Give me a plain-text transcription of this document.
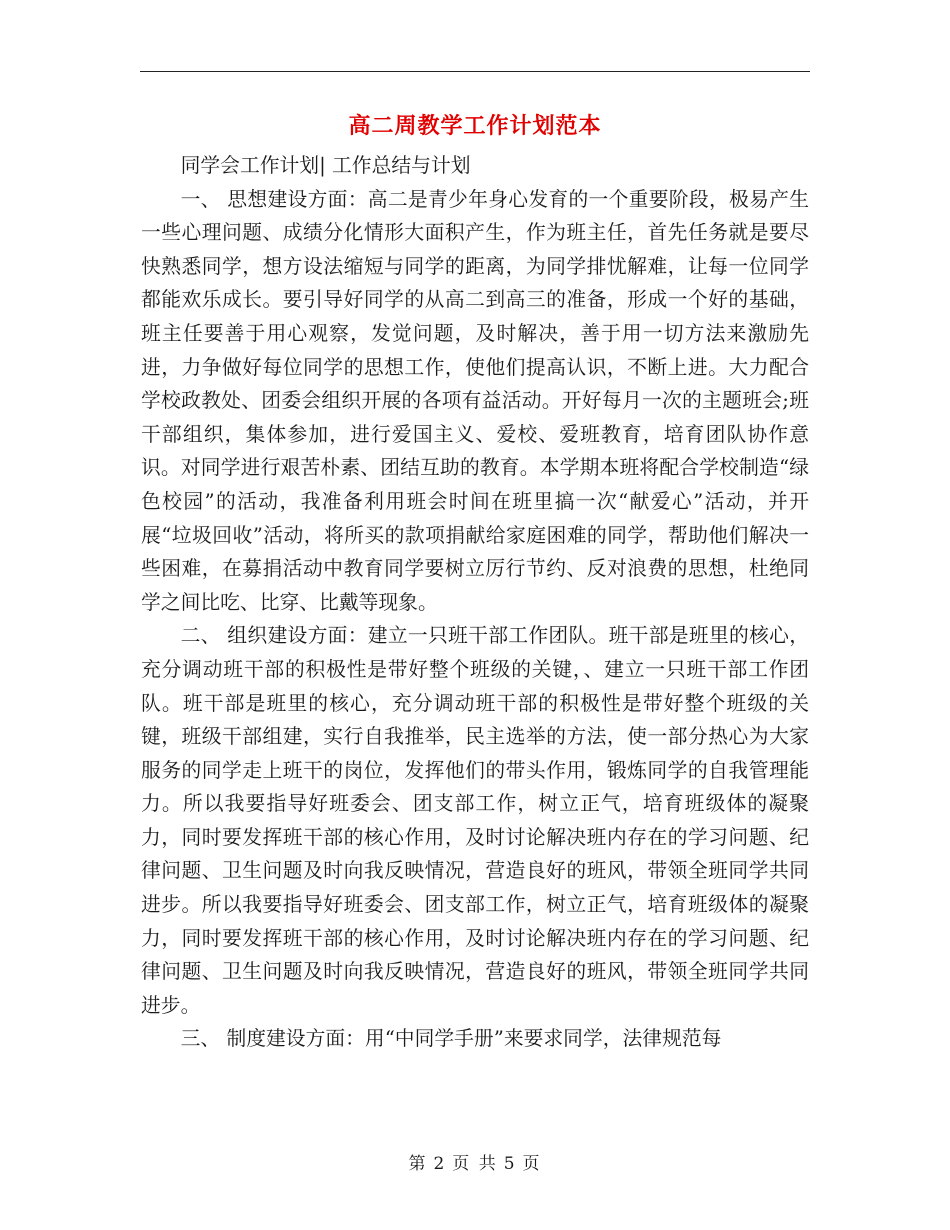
高二周教学工作计划范本

同学会工作计划| 工作总结与计划

一、 思想建设方面：高二是青少年身心发育的一个重要阶段，极易产生一些心理问题、成绩分化情形大面积产生，作为班主任，首先任务就是要尽快熟悉同学，想方设法缩短与同学的距离，为同学排忧解难，让每一位同学都能欢乐成长。要引导好同学的从高二到高三的准备，形成一个好的基础，班主任要善于用心观察，发觉问题，及时解决，善于用一切方法来激励先进，力争做好每位同学的思想工作，使他们提高认识，不断上进。大力配合学校政教处、团委会组织开展的各项有益活动。开好每月一次的主题班会;班干部组织，集体参加，进行爱国主义、爱校、爱班教育，培育团队协作意识。对同学进行艰苦朴素、团结互助的教育。本学期本班将配合学校制造“绿色校园”的活动，我准备利用班会时间在班里搞一次“献爱心”活动，并开展“垃圾回收”活动，将所买的款项捐献给家庭困难的同学，帮助他们解决一些困难，在募捐活动中教育同学要树立厉行节约、反对浪费的思想，杜绝同学之间比吃、比穿、比戴等现象。

二、 组织建设方面：建立一只班干部工作团队。班干部是班里的核心，充分调动班干部的积极性是带好整个班级的关键，、建立一只班干部工作团队。班干部是班里的核心，充分调动班干部的积极性是带好整个班级的关键，班级干部组建，实行自我推举，民主选举的方法，使一部分热心为大家服务的同学走上班干的岗位，发挥他们的带头作用，锻炼同学的自我管理能力。所以我要指导好班委会、团支部工作，树立正气，培育班级体的凝聚力，同时要发挥班干部的核心作用，及时讨论解决班内存在的学习问题、纪律问题、卫生问题及时向我反映情况，营造良好的班风，带领全班同学共同进步。所以我要指导好班委会、团支部工作，树立正气，培育班级体的凝聚力，同时要发挥班干部的核心作用，及时讨论解决班内存在的学习问题、纪律问题、卫生问题及时向我反映情况，营造良好的班风，带领全班同学共同进步。

三、 制度建设方面：用“中同学手册”来要求同学，法律规范每

第 2 页 共 5 页
